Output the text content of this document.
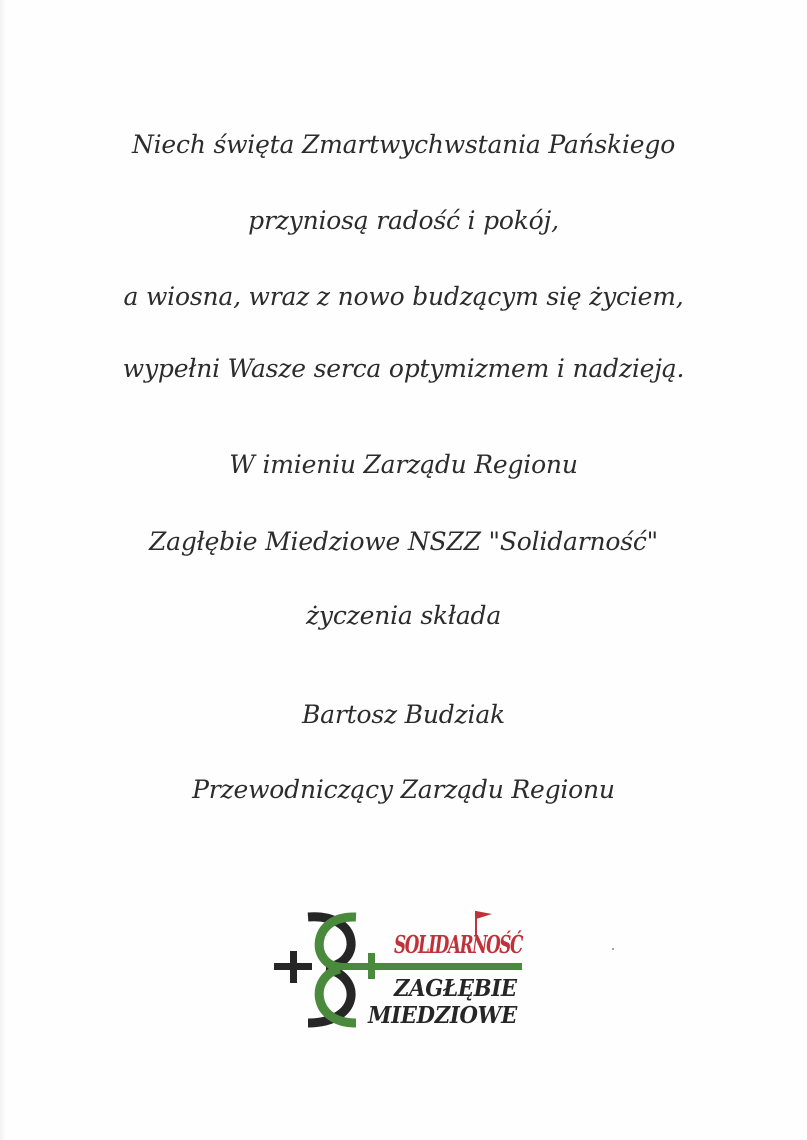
Niech święta Zmartwychwstania Pańskiego
przyniosą radość i pokój,
a wiosna, wraz z nowo budzącym się życiem,
wypełni Wasze serca optymizmem i nadzieją.
W imieniu Zarządu Regionu
Zagłębie Miedziowe NSZZ "Solidarność"
życzenia składa
Bartosz Budziak
Przewodniczący Zarządu Regionu
SOLIDARNOŚĆ
ZAGŁĘBIE
MIEDZIOWE
